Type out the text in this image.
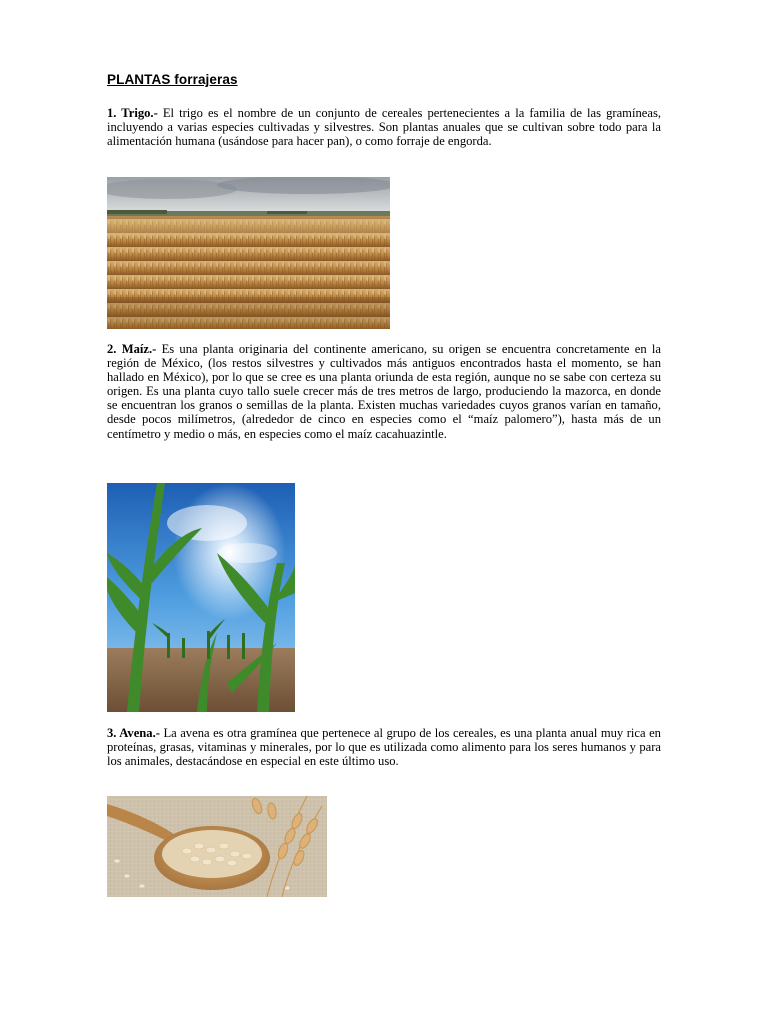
PLANTAS forrajeras

1. Trigo.- El trigo es el nombre de un conjunto de cereales pertenecientes a la familia de las gramíneas, incluyendo a varias especies cultivadas y silvestres. Son plantas anuales que se cultivan sobre todo para la alimentación humana (usándose para hacer pan), o como forraje de engorda.

2. Maíz.- Es una planta originaria del continente americano, su origen se encuentra concretamente en la región de México, (los restos silvestres y cultivados más antiguos encontrados hasta el momento, se han hallado en México), por lo que se cree es una planta oriunda de esta región, aunque no se sabe con certeza su origen. Es una planta cuyo tallo suele crecer más de tres metros de largo, produciendo la mazorca, en donde se encuentran los granos o semillas de la planta. Existen muchas variedades cuyos granos varían en tamaño, desde pocos milímetros, (alrededor de cinco en especies como el “maíz palomero”), hasta más de un centímetro y medio o más, en especies como el maíz cacahuazintle.

3. Avena.- La avena es otra gramínea que pertenece al grupo de los cereales, es una planta anual muy rica en proteínas, grasas, vitaminas y minerales, por lo que es utilizada como alimento para los seres humanos y para los animales, destacándose en especial en este último uso.
